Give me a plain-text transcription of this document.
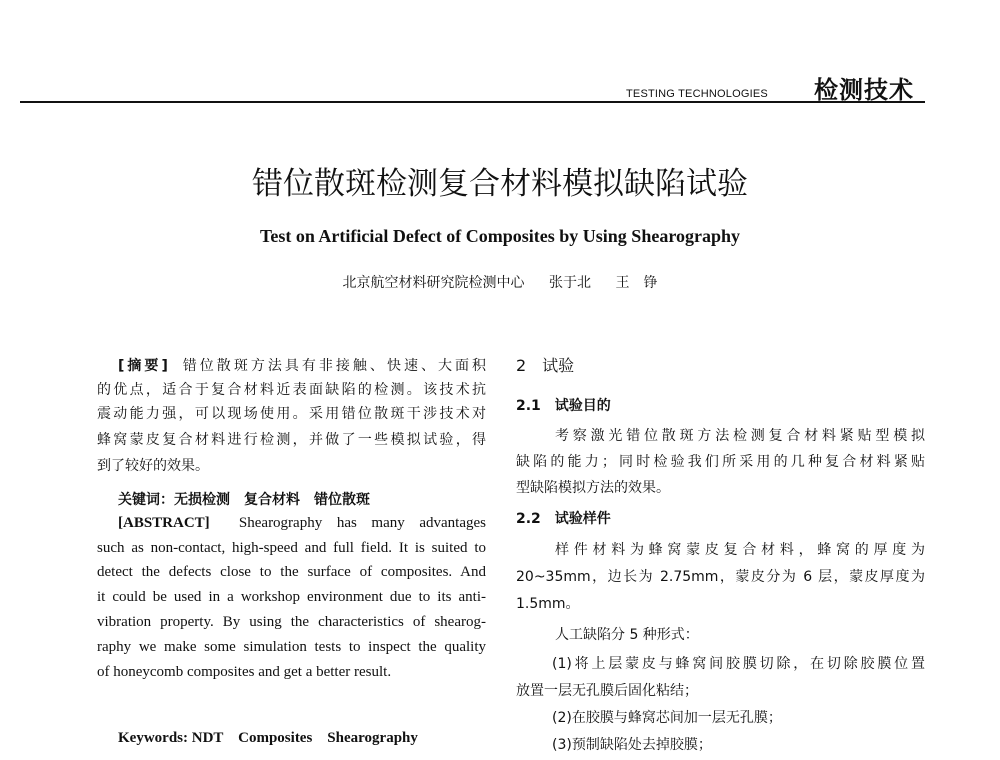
TESTING TECHNOLOGIES 检测技术
错位散斑检测复合材料模拟缺陷试验
Test on Artificial Defect of Composites by Using Shearography
北京航空材料研究院检测中心 张于北 王　铮
[摘要] 错位散斑方法具有非接触、快速、大面积
的优点，适合于复合材料近表面缺陷的检测。该技术抗
震动能力强，可以现场使用。采用错位散斑干涉技术对
蜂窝蒙皮复合材料进行检测，并做了一些模拟试验，得
到了较好的效果。
关键词：无损检测　复合材料　错位散斑
[ABSTRACT] Shearography has many advantages
such as non-contact, high-speed and full field. It is suited to
detect the defects close to the surface of composites. And
it could be used in a workshop environment due to its anti-
vibration property. By using the characteristics of shearog-
raphy we make some simulation tests to inspect the quality
of honeycomb composites and get a better result.
Keywords: NDT　Composites　Shearography
2　试验
2.1　试验目的
考察激光错位散斑方法检测复合材料紧贴型模拟
缺陷的能力；同时检验我们所采用的几种复合材料紧贴
型缺陷模拟方法的效果。
2.2　试验样件
样件材料为蜂窝蒙皮复合材料，蜂窝的厚度为
20~35mm，边长为 2.75mm，蒙皮分为 6 层，蒙皮厚度为
1.5mm。
人工缺陷分 5 种形式：
(1)将上层蒙皮与蜂窝间胶膜切除，在切除胶膜位置
放置一层无孔膜后固化粘结；
(2)在胶膜与蜂窝芯间加一层无孔膜；
(3)预制缺陷处去掉胶膜；
